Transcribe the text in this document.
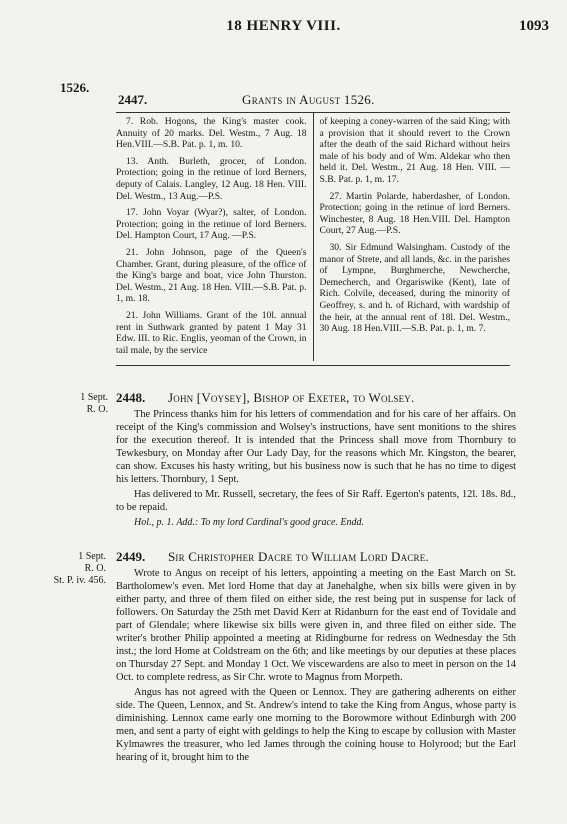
18 HENRY VIII.	1093
1526.
2447.	Grants in August 1526.

7. Rob. Hogons, the King's master cook. Annuity of 20 marks. Del. Westm., 7 Aug. 18 Hen.VIII.—S.B. Pat. p. 1, m. 10.

13. Anth. Burleth, grocer, of London. Protection; going in the retinue of lord Berners, deputy of Calais. Langley, 12 Aug. 18 Hen. VIII. Del. Westm., 13 Aug.—P.S.

17. John Voyar (Wyar?), salter, of London. Protection; going in the retinue of lord Berners. Del. Hampton Court, 17 Aug. —P.S.

21. John Johnson, page of the Queen's Chamber. Grant, during pleasure, of the office of the King's barge and boat, vice John Thurston. Del. Westm., 21 Aug. 18 Hen. VIII.—S.B. Pat. p. 1, m. 18.

21. John Williams. Grant of the 10l. annual rent in Suthwark granted by patent 1 May 31 Edw. III. to Ric. Englis, yeoman of the Crown, in tail male, by the service

of keeping a coney-warren of the said King; with a provision that it should revert to the Crown after the death of the said Richard without heirs male of his body and of Wm. Aldekar who then held it. Del. Westm., 21 Aug. 18 Hen. VIII. — S.B. Pat. p. 1, m. 17.

27. Martin Polarde, haberdasher, of London. Protection; going in the retinue of lord Berners. Winchester, 8 Aug. 18 Hen.VIII. Del. Hampton Court, 27 Aug.—P.S.

30. Sir Edmund Walsingham. Custody of the manor of Strete, and all lands, &c. in the parishes of Lympne, Burghmerche, Newcherche, Demecherch, and Orgariswike (Kent), late of Rich. Colvile, deceased, during the minority of Geoffrey, s. and h. of Richard, with wardship of the heir, at the annual rent of 18l. Del. Westm., 30 Aug. 18 Hen.VIII.—S.B. Pat. p. 1, m. 7.

1 Sept.
R. O.
2448.	John [Voysey], Bishop of Exeter, to Wolsey.

The Princess thanks him for his letters of commendation and for his care of her affairs. On receipt of the King's commission and Wolsey's instructions, have sent monitions to the shires for the execution thereof. It is intended that the Princess shall move from Thornbury to Tewkesbury, on Monday after Our Lady Day, for the reasons which Mr. Kingston, the bearer, can show. Excuses his hasty writing, but his business now is such that he has no time to digest his letters. Thornbury, 1 Sept.

Has delivered to Mr. Russell, secretary, the fees of Sir Raff. Egerton's patents, 12l. 18s. 8d., to be repaid.

Hol., p. 1. Add.: To my lord Cardinal's good grace. Endd.
1 Sept.
R. O.
St. P. iv. 456.
2449.	Sir Christopher Dacre to William Lord Dacre.

Wrote to Angus on receipt of his letters, appointing a meeting on the East March on St. Bartholomew's even. Met lord Home that day at Janehalghe, when six bills were given in by either party, and three of them filed on either side, the rest being put in suspense for lack of followers. On Saturday the 25th met David Kerr at Ridanburn for the east end of Tovidale and part of Glendale; where likewise six bills were given in, and three filed on either side. The writer's brother Philip appointed a meeting at Ridingburne for redress on Wednesday the 5th inst.; the lord Home at Coldstream on the 6th; and like meetings by our deputies at these places on Thursday 27 Sept. and Monday 1 Oct. We viscewardens are also to meet in person on the 14 Oct. to complete redress, as Sir Chr. wrote to Magnus from Morpeth.

Angus has not agreed with the Queen or Lennox. They are gathering adherents on either side. The Queen, Lennox, and St. Andrew's intend to take the King from Angus, whose party is diminishing. Lennox came early one morning to the Borowmore without Edinburgh with 200 men, and sent a party of eight with geldings to help the King to escape by collusion with Master Kylmawres the treasurer, who led James through the coining house to Holyrood; but the Earl hearing of it, brought him to the
